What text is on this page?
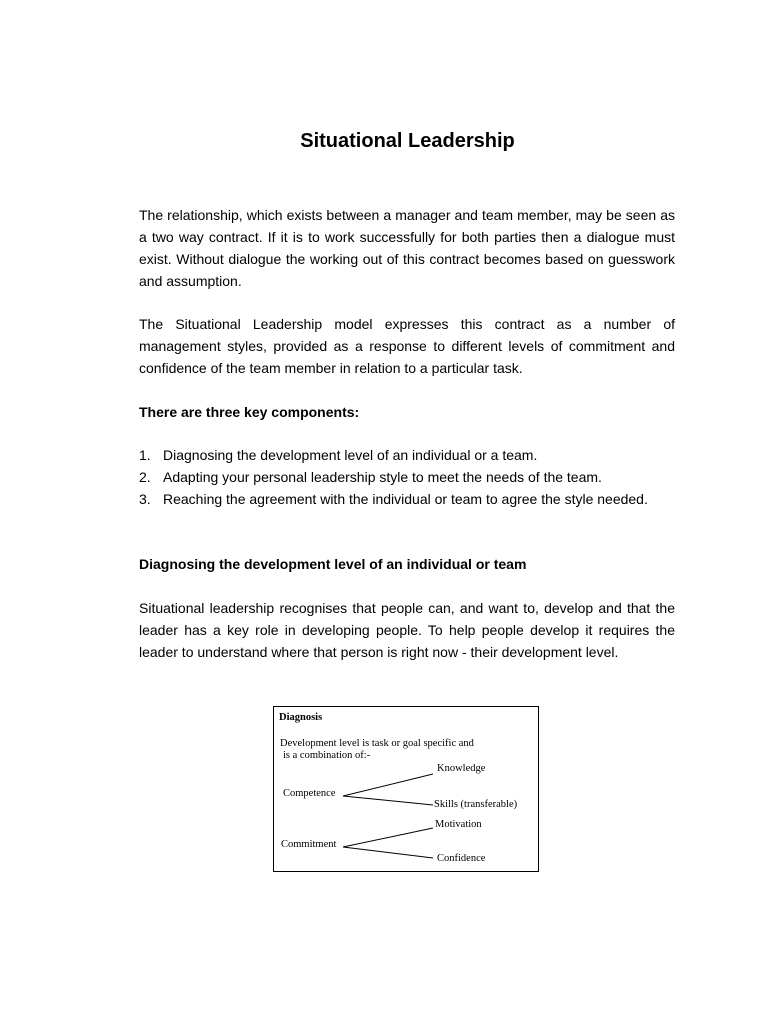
Situational Leadership

The relationship, which exists between a manager and team member, may be seen as a two way contract. If it is to work successfully for both parties then a dialogue must exist. Without dialogue the working out of this contract becomes based on guesswork and assumption.

The Situational Leadership model expresses this contract as a number of management styles, provided as a response to different levels of commitment and confidence of the team member in relation to a particular task.

There are three key components:

1. Diagnosing the development level of an individual or a team.
2. Adapting your personal leadership style to meet the needs of the team.
3. Reaching the agreement with the individual or team to agree the style needed.

Diagnosing the development level of an individual or team

Situational leadership recognises that people can, and want to, develop and that the leader has a key role in developing people. To help people develop it requires the leader to understand where that person is right now - their development level.

Diagnosis
Development level is task or goal specific and
is a combination of:-
Knowledge
Competence
Skills (transferable)
Motivation
Commitment
Confidence
